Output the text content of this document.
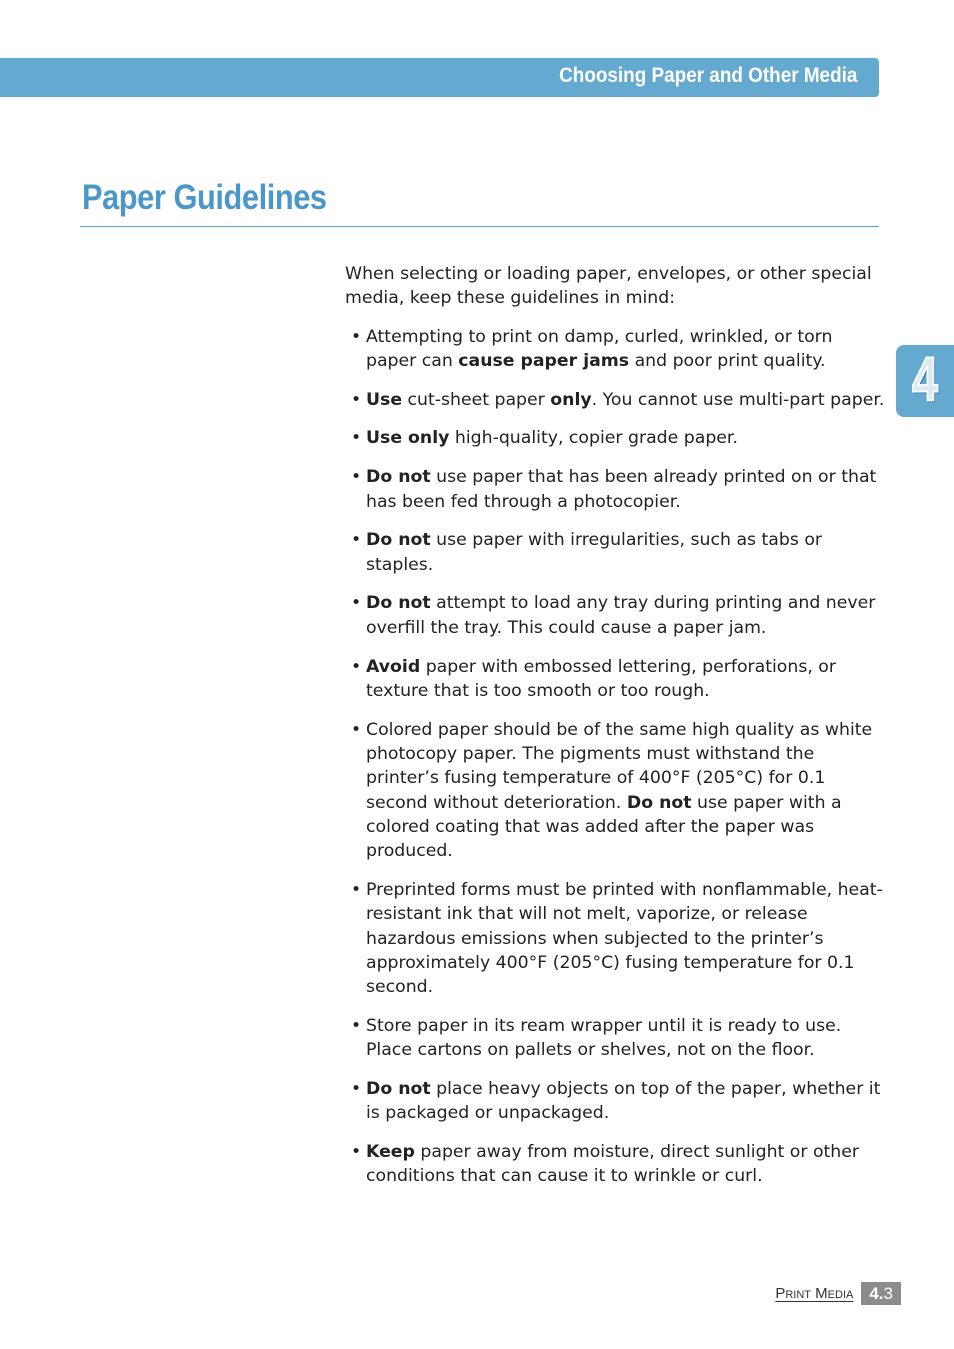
Choosing Paper and Other Media
Paper Guidelines
4

When selecting or loading paper, envelopes, or other special
media, keep these guidelines in mind:

• Attempting to print on damp, curled, wrinkled, or torn paper can cause paper jams and poor print quality.
• Use cut-sheet paper only. You cannot use multi-part paper.
• Use only high-quality, copier grade paper.
• Do not use paper that has been already printed on or that has been fed through a photocopier.
• Do not use paper with irregularities, such as tabs or staples.
• Do not attempt to load any tray during printing and never overfill the tray. This could cause a paper jam.
• Avoid paper with embossed lettering, perforations, or texture that is too smooth or too rough.
• Colored paper should be of the same high quality as white photocopy paper. The pigments must withstand the printer’s fusing temperature of 400°F (205°C) for 0.1 second without deterioration. Do not use paper with a colored coating that was added after the paper was produced.
• Preprinted forms must be printed with nonflammable, heat-resistant ink that will not melt, vaporize, or release hazardous emissions when subjected to the printer’s approximately 400°F (205°C) fusing temperature for 0.1 second.
• Store paper in its ream wrapper until it is ready to use. Place cartons on pallets or shelves, not on the floor.
• Do not place heavy objects on top of the paper, whether it is packaged or unpackaged.
• Keep paper away from moisture, direct sunlight or other conditions that can cause it to wrinkle or curl.
Print Media 4.3
